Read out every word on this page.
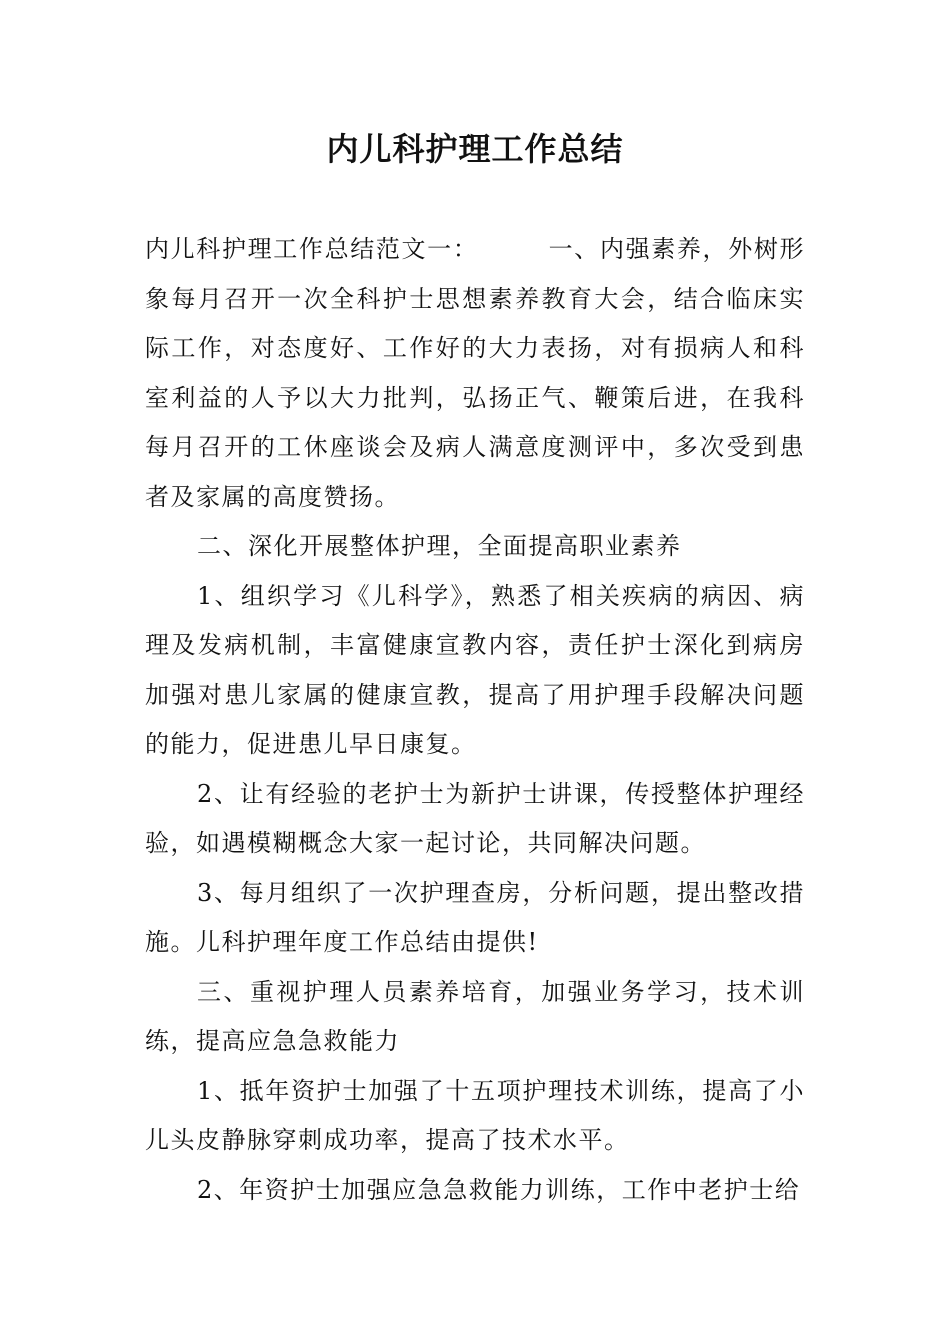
内儿科护理工作总结

内儿科护理工作总结范文一：	一、内强素养，外树形象每月召开一次全科护士思想素养教育大会，结合临床实际工作，对态度好、工作好的大力表扬，对有损病人和科室利益的人予以大力批判，弘扬正气、鞭策后进，在我科每月召开的工休座谈会及病人满意度测评中，多次受到患者及家属的高度赞扬。

二、深化开展整体护理，全面提高职业素养

1、组织学习《儿科学》，熟悉了相关疾病的病因、病理及发病机制，丰富健康宣教内容，责任护士深化到病房加强对患儿家属的健康宣教，提高了用护理手段解决问题的能力，促进患儿早日康复。

2、让有经验的老护士为新护士讲课，传授整体护理经验，如遇模糊概念大家一起讨论，共同解决问题。

3、每月组织了一次护理查房，分析问题，提出整改措施。儿科护理年度工作总结由提供!

三、重视护理人员素养培育，加强业务学习，技术训练，提高应急急救能力

1、抵年资护士加强了十五项护理技术训练，提高了小儿头皮静脉穿刺成功率，提高了技术水平。

2、年资护士加强应急急救能力训练，工作中老护士给
